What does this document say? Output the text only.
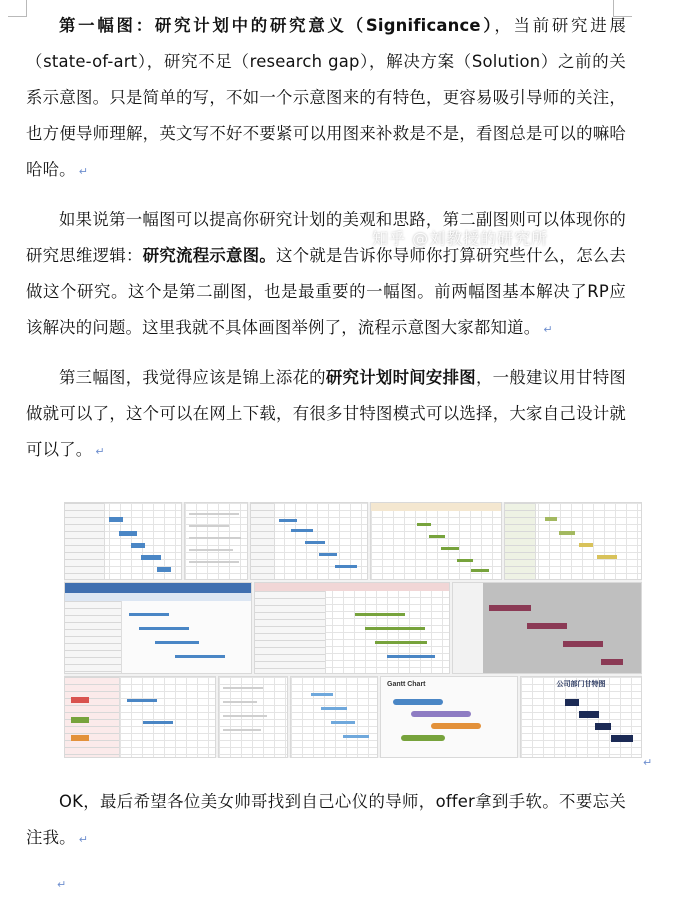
第一幅图：研究计划中的研究意义（Significance），当前研究进展（state-of-art），研究不足（research gap），解决方案（Solution）之前的关系示意图。只是简单的写，不如一个示意图来的有特色，更容易吸引导师的关注，也方便导师理解，英文写不好不要紧可以用图来补救是不是，看图总是可以的嘛哈哈哈。 ↵

如果说第一幅图可以提高你研究计划的美观和思路，第二副图则可以体现你的研究思维逻辑：研究流程示意图。这个就是告诉你导师你打算研究些什么，怎么去做这个研究。这个是第二副图，也是最重要的一幅图。前两幅图基本解决了RP应该解决的问题。这里我就不具体画图举例了，流程示意图大家都知道。 ↵

第三幅图，我觉得应该是锦上添花的研究计划时间安排图，一般建议用甘特图做就可以了，这个可以在网上下载，有很多甘特图模式可以选择，大家自己设计就可以了。 ↵

Gantt Chart	公司部门甘特图
知乎 @刘教授的研究所
↵

OK，最后希望各位美女帅哥找到自己心仪的导师，offer拿到手软。不要忘关注我。 ↵

↵
